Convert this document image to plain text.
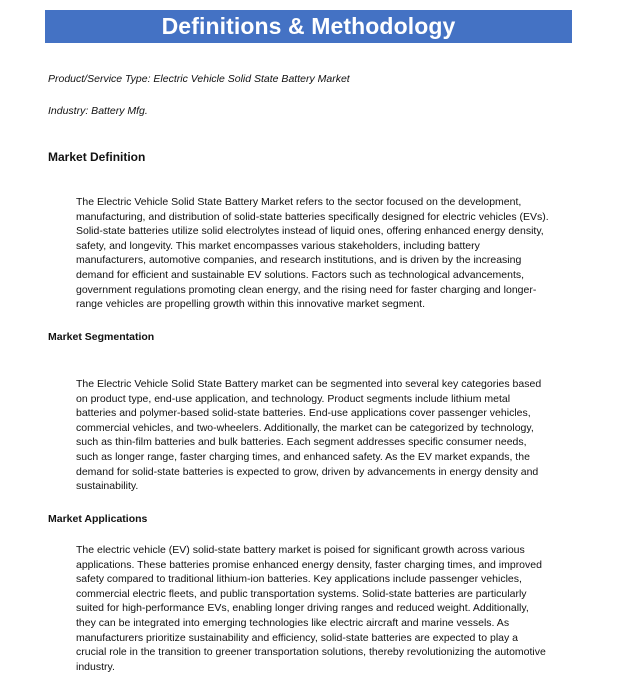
Definitions & Methodology

Product/Service Type: Electric Vehicle Solid State Battery Market

Industry: Battery Mfg.

Market Definition

The Electric Vehicle Solid State Battery Market refers to the sector focused on the development, manufacturing, and distribution of solid-state batteries specifically designed for electric vehicles (EVs). Solid-state batteries utilize solid electrolytes instead of liquid ones, offering enhanced energy density, safety, and longevity. This market encompasses various stakeholders, including battery manufacturers, automotive companies, and research institutions, and is driven by the increasing demand for efficient and sustainable EV solutions. Factors such as technological advancements, government regulations promoting clean energy, and the rising need for faster charging and longer-range vehicles are propelling growth within this innovative market segment.

Market Segmentation

The Electric Vehicle Solid State Battery market can be segmented into several key categories based on product type, end-use application, and technology. Product segments include lithium metal batteries and polymer-based solid-state batteries. End-use applications cover passenger vehicles, commercial vehicles, and two-wheelers. Additionally, the market can be categorized by technology, such as thin-film batteries and bulk batteries. Each segment addresses specific consumer needs, such as longer range, faster charging times, and enhanced safety. As the EV market expands, the demand for solid-state batteries is expected to grow, driven by advancements in energy density and sustainability.

Market Applications

The electric vehicle (EV) solid-state battery market is poised for significant growth across various applications. These batteries promise enhanced energy density, faster charging times, and improved safety compared to traditional lithium-ion batteries. Key applications include passenger vehicles, commercial electric fleets, and public transportation systems. Solid-state batteries are particularly suited for high-performance EVs, enabling longer driving ranges and reduced weight. Additionally, they can be integrated into emerging technologies like electric aircraft and marine vessels. As manufacturers prioritize sustainability and efficiency, solid-state batteries are expected to play a crucial role in the transition to greener transportation solutions, thereby revolutionizing the automotive industry.
